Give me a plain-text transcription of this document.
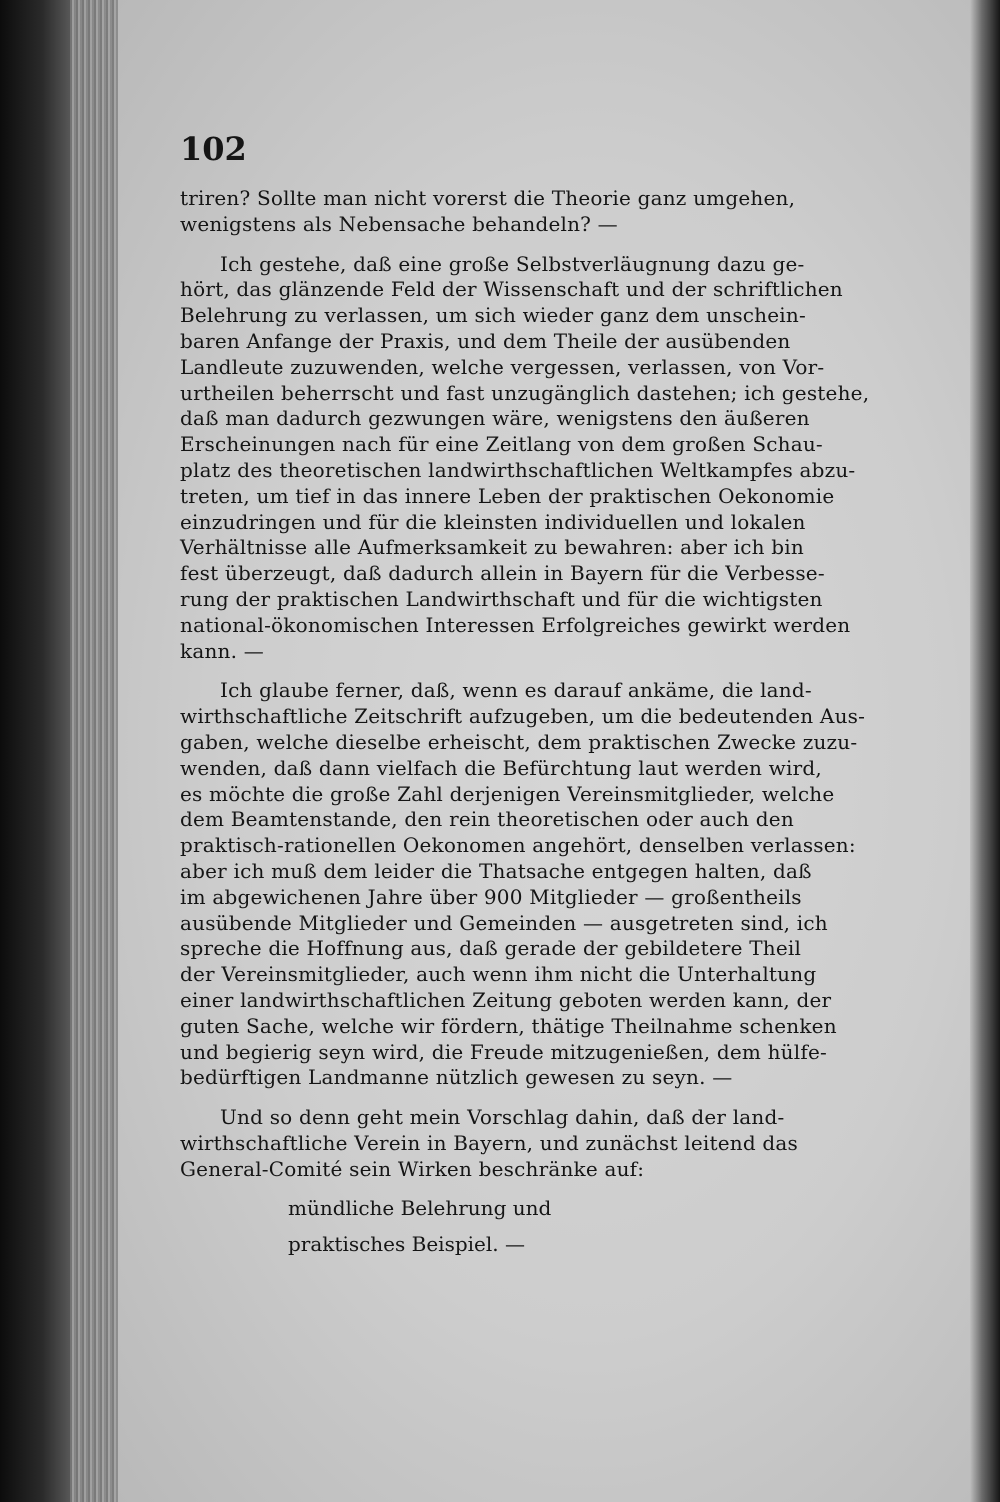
102
triren? Sollte man nicht vorerst die Theorie ganz umgehen,
wenigstens als Nebensache behandeln? —
Ich gestehe, daß eine große Selbstverläugnung dazu ge-
hört, das glänzende Feld der Wissenschaft und der schriftlichen
Belehrung zu verlassen, um sich wieder ganz dem unschein-
baren Anfange der Praxis, und dem Theile der ausübenden
Landleute zuzuwenden, welche vergessen, verlassen, von Vor-
urtheilen beherrscht und fast unzugänglich dastehen; ich gestehe,
daß man dadurch gezwungen wäre, wenigstens den äußeren
Erscheinungen nach für eine Zeitlang von dem großen Schau-
platz des theoretischen landwirthschaftlichen Weltkampfes abzu-
treten, um tief in das innere Leben der praktischen Oekonomie
einzudringen und für die kleinsten individuellen und lokalen
Verhältnisse alle Aufmerksamkeit zu bewahren: aber ich bin
fest überzeugt, daß dadurch allein in Bayern für die Verbesse-
rung der praktischen Landwirthschaft und für die wichtigsten
national-ökonomischen Interessen Erfolgreiches gewirkt werden
kann. —
Ich glaube ferner, daß, wenn es darauf ankäme, die land-
wirthschaftliche Zeitschrift aufzugeben, um die bedeutenden Aus-
gaben, welche dieselbe erheischt, dem praktischen Zwecke zuzu-
wenden, daß dann vielfach die Befürchtung laut werden wird,
es möchte die große Zahl derjenigen Vereinsmitglieder, welche
dem Beamtenstande, den rein theoretischen oder auch den
praktisch-rationellen Oekonomen angehört, denselben verlassen:
aber ich muß dem leider die Thatsache entgegen halten, daß
im abgewichenen Jahre über 900 Mitglieder — großentheils
ausübende Mitglieder und Gemeinden — ausgetreten sind, ich
spreche die Hoffnung aus, daß gerade der gebildetere Theil
der Vereinsmitglieder, auch wenn ihm nicht die Unterhaltung
einer landwirthschaftlichen Zeitung geboten werden kann, der
guten Sache, welche wir fördern, thätige Theilnahme schenken
und begierig seyn wird, die Freude mitzugenießen, dem hülfe-
bedürftigen Landmanne nützlich gewesen zu seyn. —
Und so denn geht mein Vorschlag dahin, daß der land-
wirthschaftliche Verein in Bayern, und zunächst leitend das
General-Comité sein Wirken beschränke auf:
mündliche Belehrung und
praktisches Beispiel. —
